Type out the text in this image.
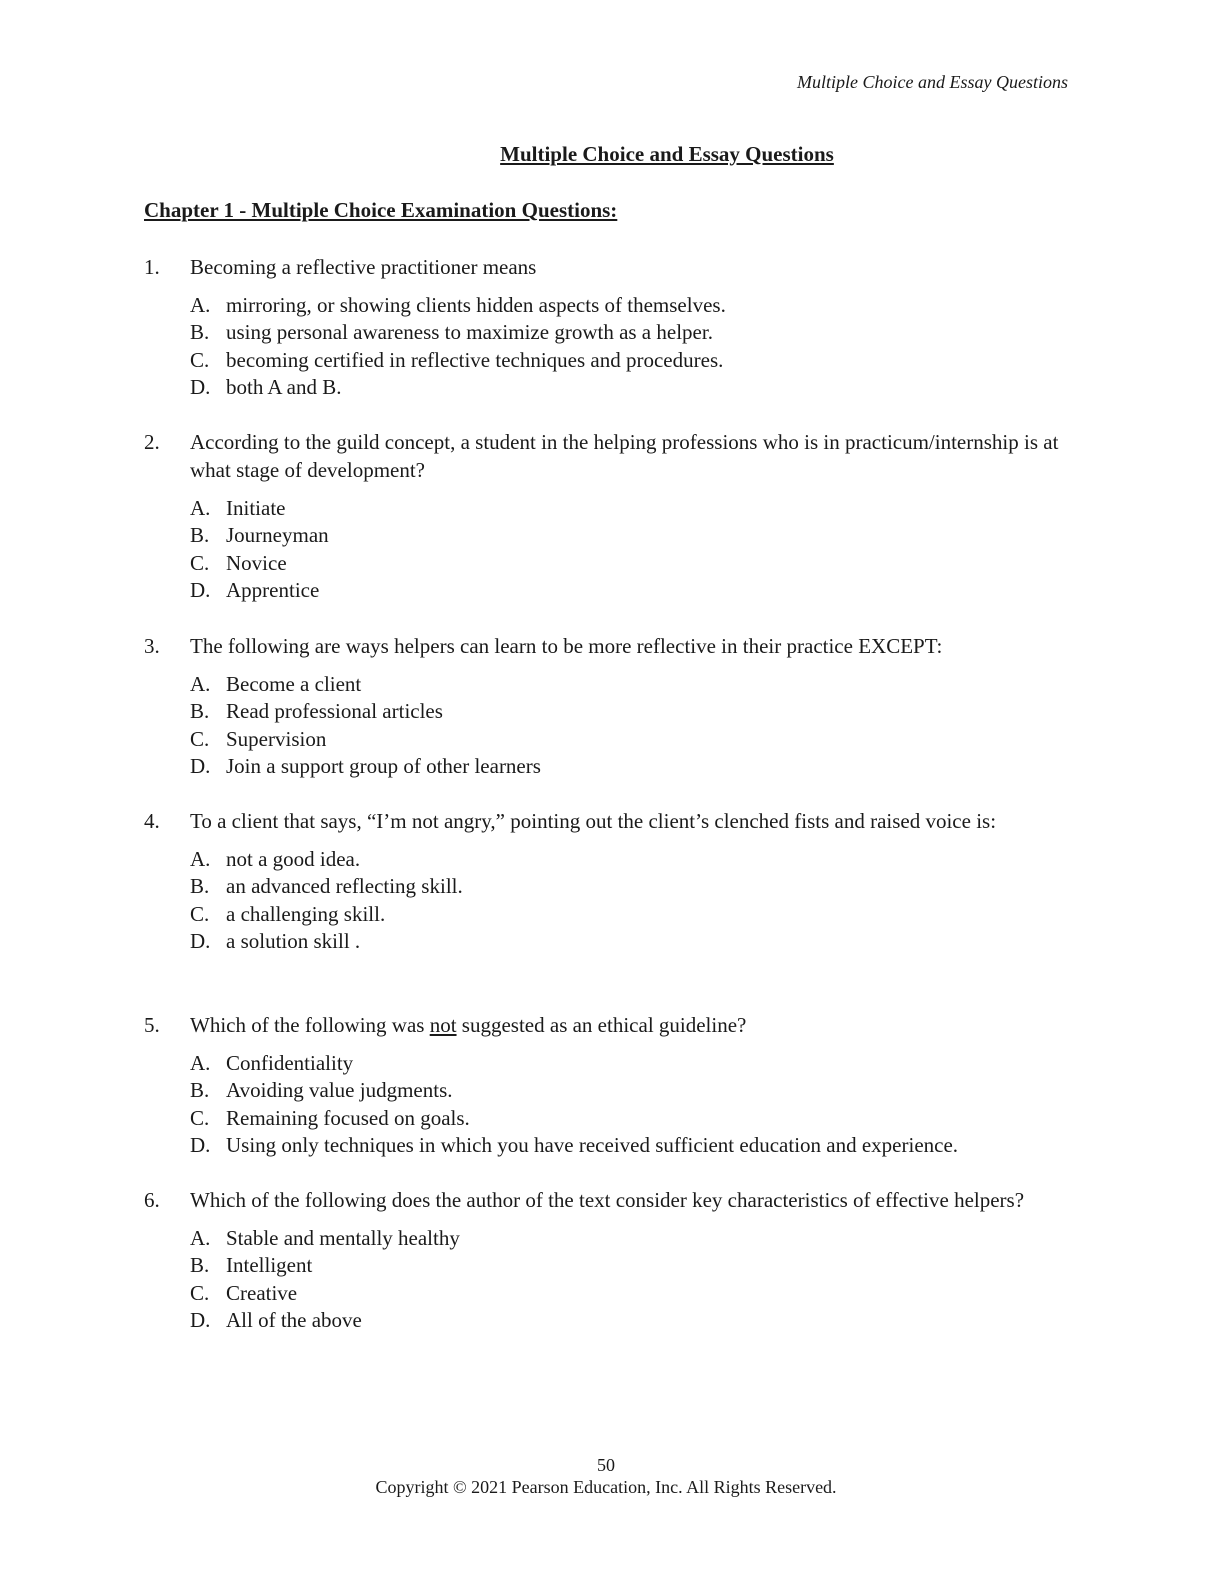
Multiple Choice and Essay Questions
Multiple Choice and Essay Questions
Chapter 1 - Multiple Choice Examination Questions:
1. Becoming a reflective practitioner means
A. mirroring, or showing clients hidden aspects of themselves.
B. using personal awareness to maximize growth as a helper.
C. becoming certified in reflective techniques and procedures.
D. both A and B.
2. According to the guild concept, a student in the helping professions who is in practicum/internship is at what stage of development?
A. Initiate
B. Journeyman
C. Novice
D. Apprentice
3. The following are ways helpers can learn to be more reflective in their practice EXCEPT:
A. Become a client
B. Read professional articles
C. Supervision
D. Join a support group of other learners
4. To a client that says, “I’m not angry,” pointing out the client’s clenched fists and raised voice is:
A. not a good idea.
B. an advanced reflecting skill.
C. a challenging skill.
D. a solution skill .
5. Which of the following was not suggested as an ethical guideline?
A. Confidentiality
B. Avoiding value judgments.
C. Remaining focused on goals.
D. Using only techniques in which you have received sufficient education and experience.
6. Which of the following does the author of the text consider key characteristics of effective helpers?
A. Stable and mentally healthy
B. Intelligent
C. Creative
D. All of the above
50
Copyright © 2021 Pearson Education, Inc. All Rights Reserved.
